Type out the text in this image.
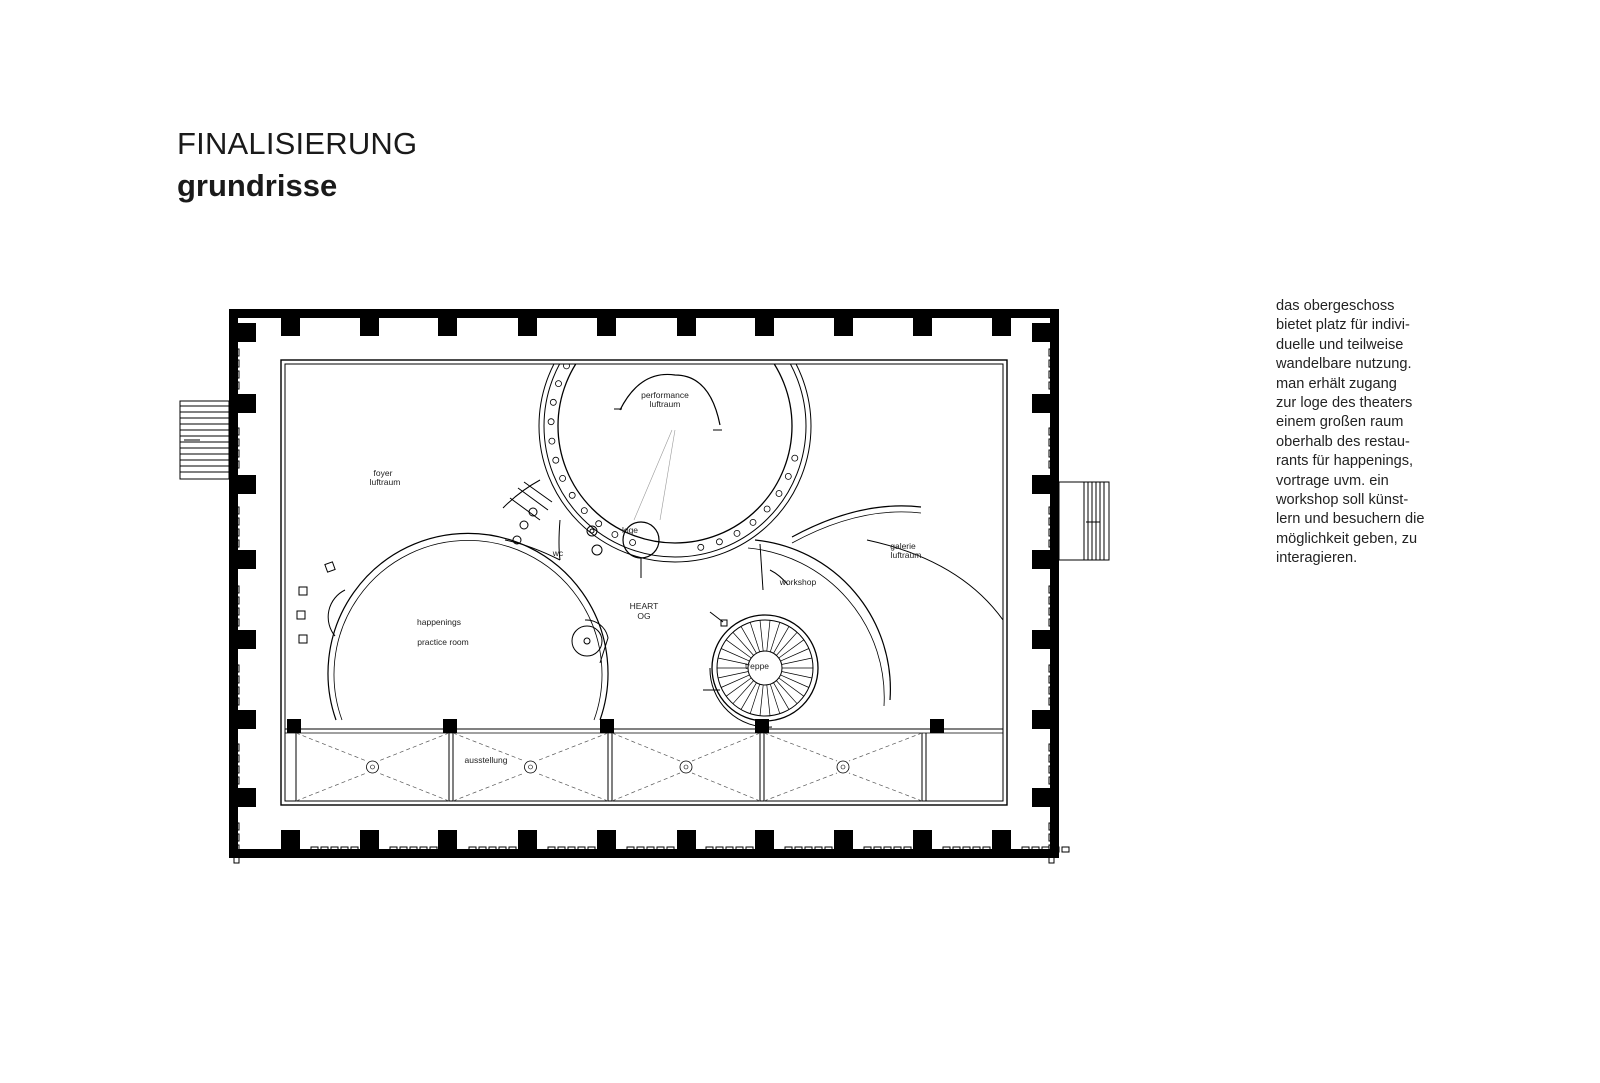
FINALISIERUNG
grundrisse
das obergeschoss
bietet platz für indivi-
duelle und teilweise
wandelbare nutzung.
man erhält zugang
zur loge des theaters
einem großen raum
oberhalb des restau-
rants für happenings,
vortrage uvm. ein
workshop soll künst-
lern und besuchern die
möglichkeit geben, zu
interagieren.
performance
luftraum
foyer
luftraum
galerie
luftraum
loge
wc
HEART
OG
workshop
happenings
practice room
treppe
ausstellung
